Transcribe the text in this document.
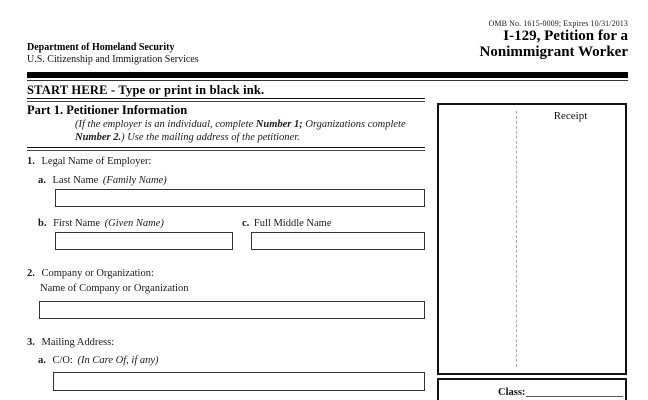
OMB No. 1615-0009; Expires 10/31/2013
I-129, Petition for a
Nonimmigrant Worker
Department of Homeland Security
U.S. Citizenship and Immigration Services
START HERE - Type or print in black ink.
Part 1. Petitioner Information
(If the employer is an individual, complete Number 1; Organizations complete
Number 2.) Use the mailing address of the petitioner.
1. Legal Name of Employer:
a. Last Name (Family Name)
b. First Name (Given Name)	c. Full Middle Name
2. Company or Organization:
Name of Company or Organization
3. Mailing Address:
a. C/O: (In Care Of, if any)
Receipt
Class:
